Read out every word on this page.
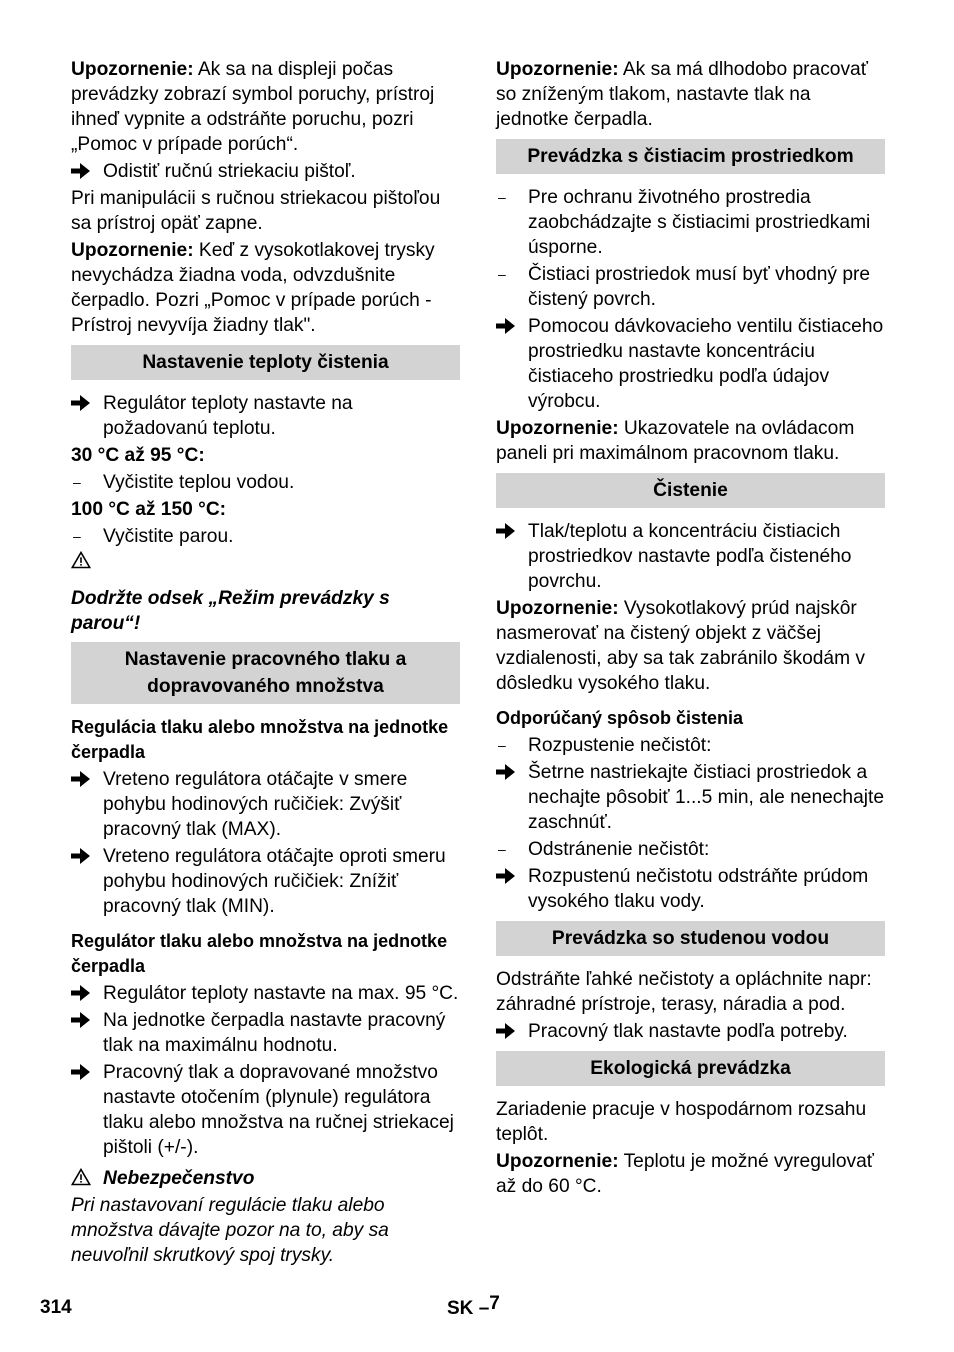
Upozornenie: Ak sa na displeji počas prevádzky zobrazí symbol poruchy, prístroj ihneď vypnite a odstráňte poruchu, pozri „Pomoc v prípade porúch“.

Odistiť ručnú striekaciu pištoľ.

Pri manipulácii s ručnou striekacou pištoľou sa prístroj opäť zapne.

Upozornenie: Keď z vysokotlakovej trysky nevychádza žiadna voda, odvzdušnite čerpadlo. Pozri „Pomoc v prípade porúch - Prístroj nevyvíja žiadny tlak".

Nastavenie teploty čistenia
Regulátor teploty nastavte na požadovanú teplotu.
30 °C až 95 °C:
–	Vyčistite teplou vodou.
100 °C až 150 °C:
–	Vyčistite parou.

Dodržte odsek „Režim prevádzky s parou“!

Nastavenie pracovného tlaku a dopravovaného množstva
Regulácia tlaku alebo množstva na jednotke čerpadla
Vreteno regulátora otáčajte v smere pohybu hodinových ručičiek: Zvýšiť pracovný tlak (MAX).
Vreteno regulátora otáčajte oproti smeru pohybu hodinových ručičiek: Znížiť pracovný tlak (MIN).
Regulátor tlaku alebo množstva na jednotke čerpadla
Regulátor teploty nastavte na max. 95 °C.
Na jednotke čerpadla nastavte pracovný tlak na maximálnu hodnotu.
Pracovný tlak a dopravované množstvo nastavte otočením (plynule) regulátora tlaku alebo množstva na ručnej striekacej pištoli (+/-).
Nebezpečenstvo

Pri nastavovaní regulácie tlaku alebo množstva dávajte pozor na to, aby sa neuvoľnil skrutkový spoj trysky.

Upozornenie: Ak sa má dlhodobo pracovať so zníženým tlakom, nastavte tlak na jednotke čerpadla.

Prevádzka s čistiacim prostriedkom
–	Pre ochranu životného prostredia zaobchádzajte s čistiacimi prostriedkami úsporne.
–	Čistiaci prostriedok musí byť vhodný pre čistený povrch.
Pomocou dávkovacieho ventilu čistiaceho prostriedku nastavte koncentráciu čistiaceho prostriedku podľa údajov výrobcu.

Upozornenie: Ukazovatele na ovládacom paneli pri maximálnom pracovnom tlaku.

Čistenie
Tlak/teplotu a koncentráciu čistiacich prostriedkov nastavte podľa čisteného povrchu.

Upozornenie: Vysokotlakový prúd najskôr nasmerovať na čistený objekt z väčšej vzdialenosti, aby sa tak zabránilo škodám v dôsledku vysokého tlaku.

Odporúčaný spôsob čistenia
–	Rozpustenie nečistôt:
Šetrne nastriekajte čistiaci prostriedok a nechajte pôsobiť 1...5 min, ale nenechajte zaschnúť.
–	Odstránenie nečistôt:
Rozpustenú nečistotu odstráňte prúdom vysokého tlaku vody.
Prevádzka so studenou vodou

Odstráňte ľahké nečistoty a opláchnite napr: záhradné prístroje, terasy, náradia a pod.

Pracovný tlak nastavte podľa potreby.
Ekologická prevádzka

Zariadenie pracuje v hospodárnom rozsahu teplôt.

Upozornenie: Teplotu je možné vyregulovať až do 60 °C.

314	SK –7
